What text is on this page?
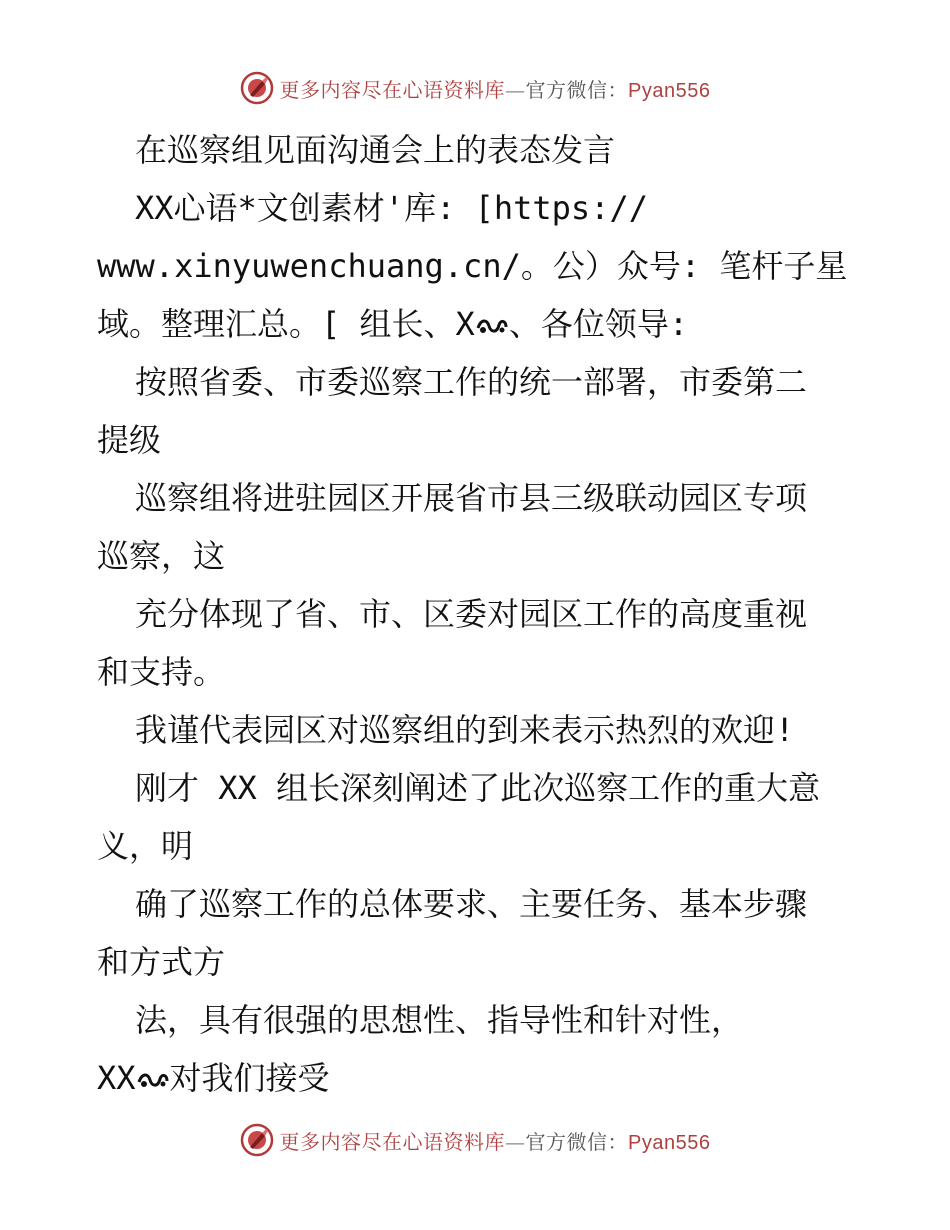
更多内容尽在心语资料库—官方微信：Pyan556
在巡察组见面沟通会上的表态发言
XX心语*文创素材'库: [https://
www.xinyuwenchuang.cn/。公）众号: 笔杆子星
域。整理汇总。[ 组长、X 、各位领导:
按照省委、市委巡察工作的统一部署，市委第二
提级
巡察组将进驻园区开展省市县三级联动园区专项
巡察，这
充分体现了省、市、区委对园区工作的高度重视
和支持。
我谨代表园区对巡察组的到来表示热烈的欢迎!
刚才 XX 组长深刻阐述了此次巡察工作的重大意
义，明
确了巡察工作的总体要求、主要任务、基本步骤
和方式方
法，具有很强的思想性、指导性和针对性，
XX 对我们接受
更多内容尽在心语资料库—官方微信：Pyan556
